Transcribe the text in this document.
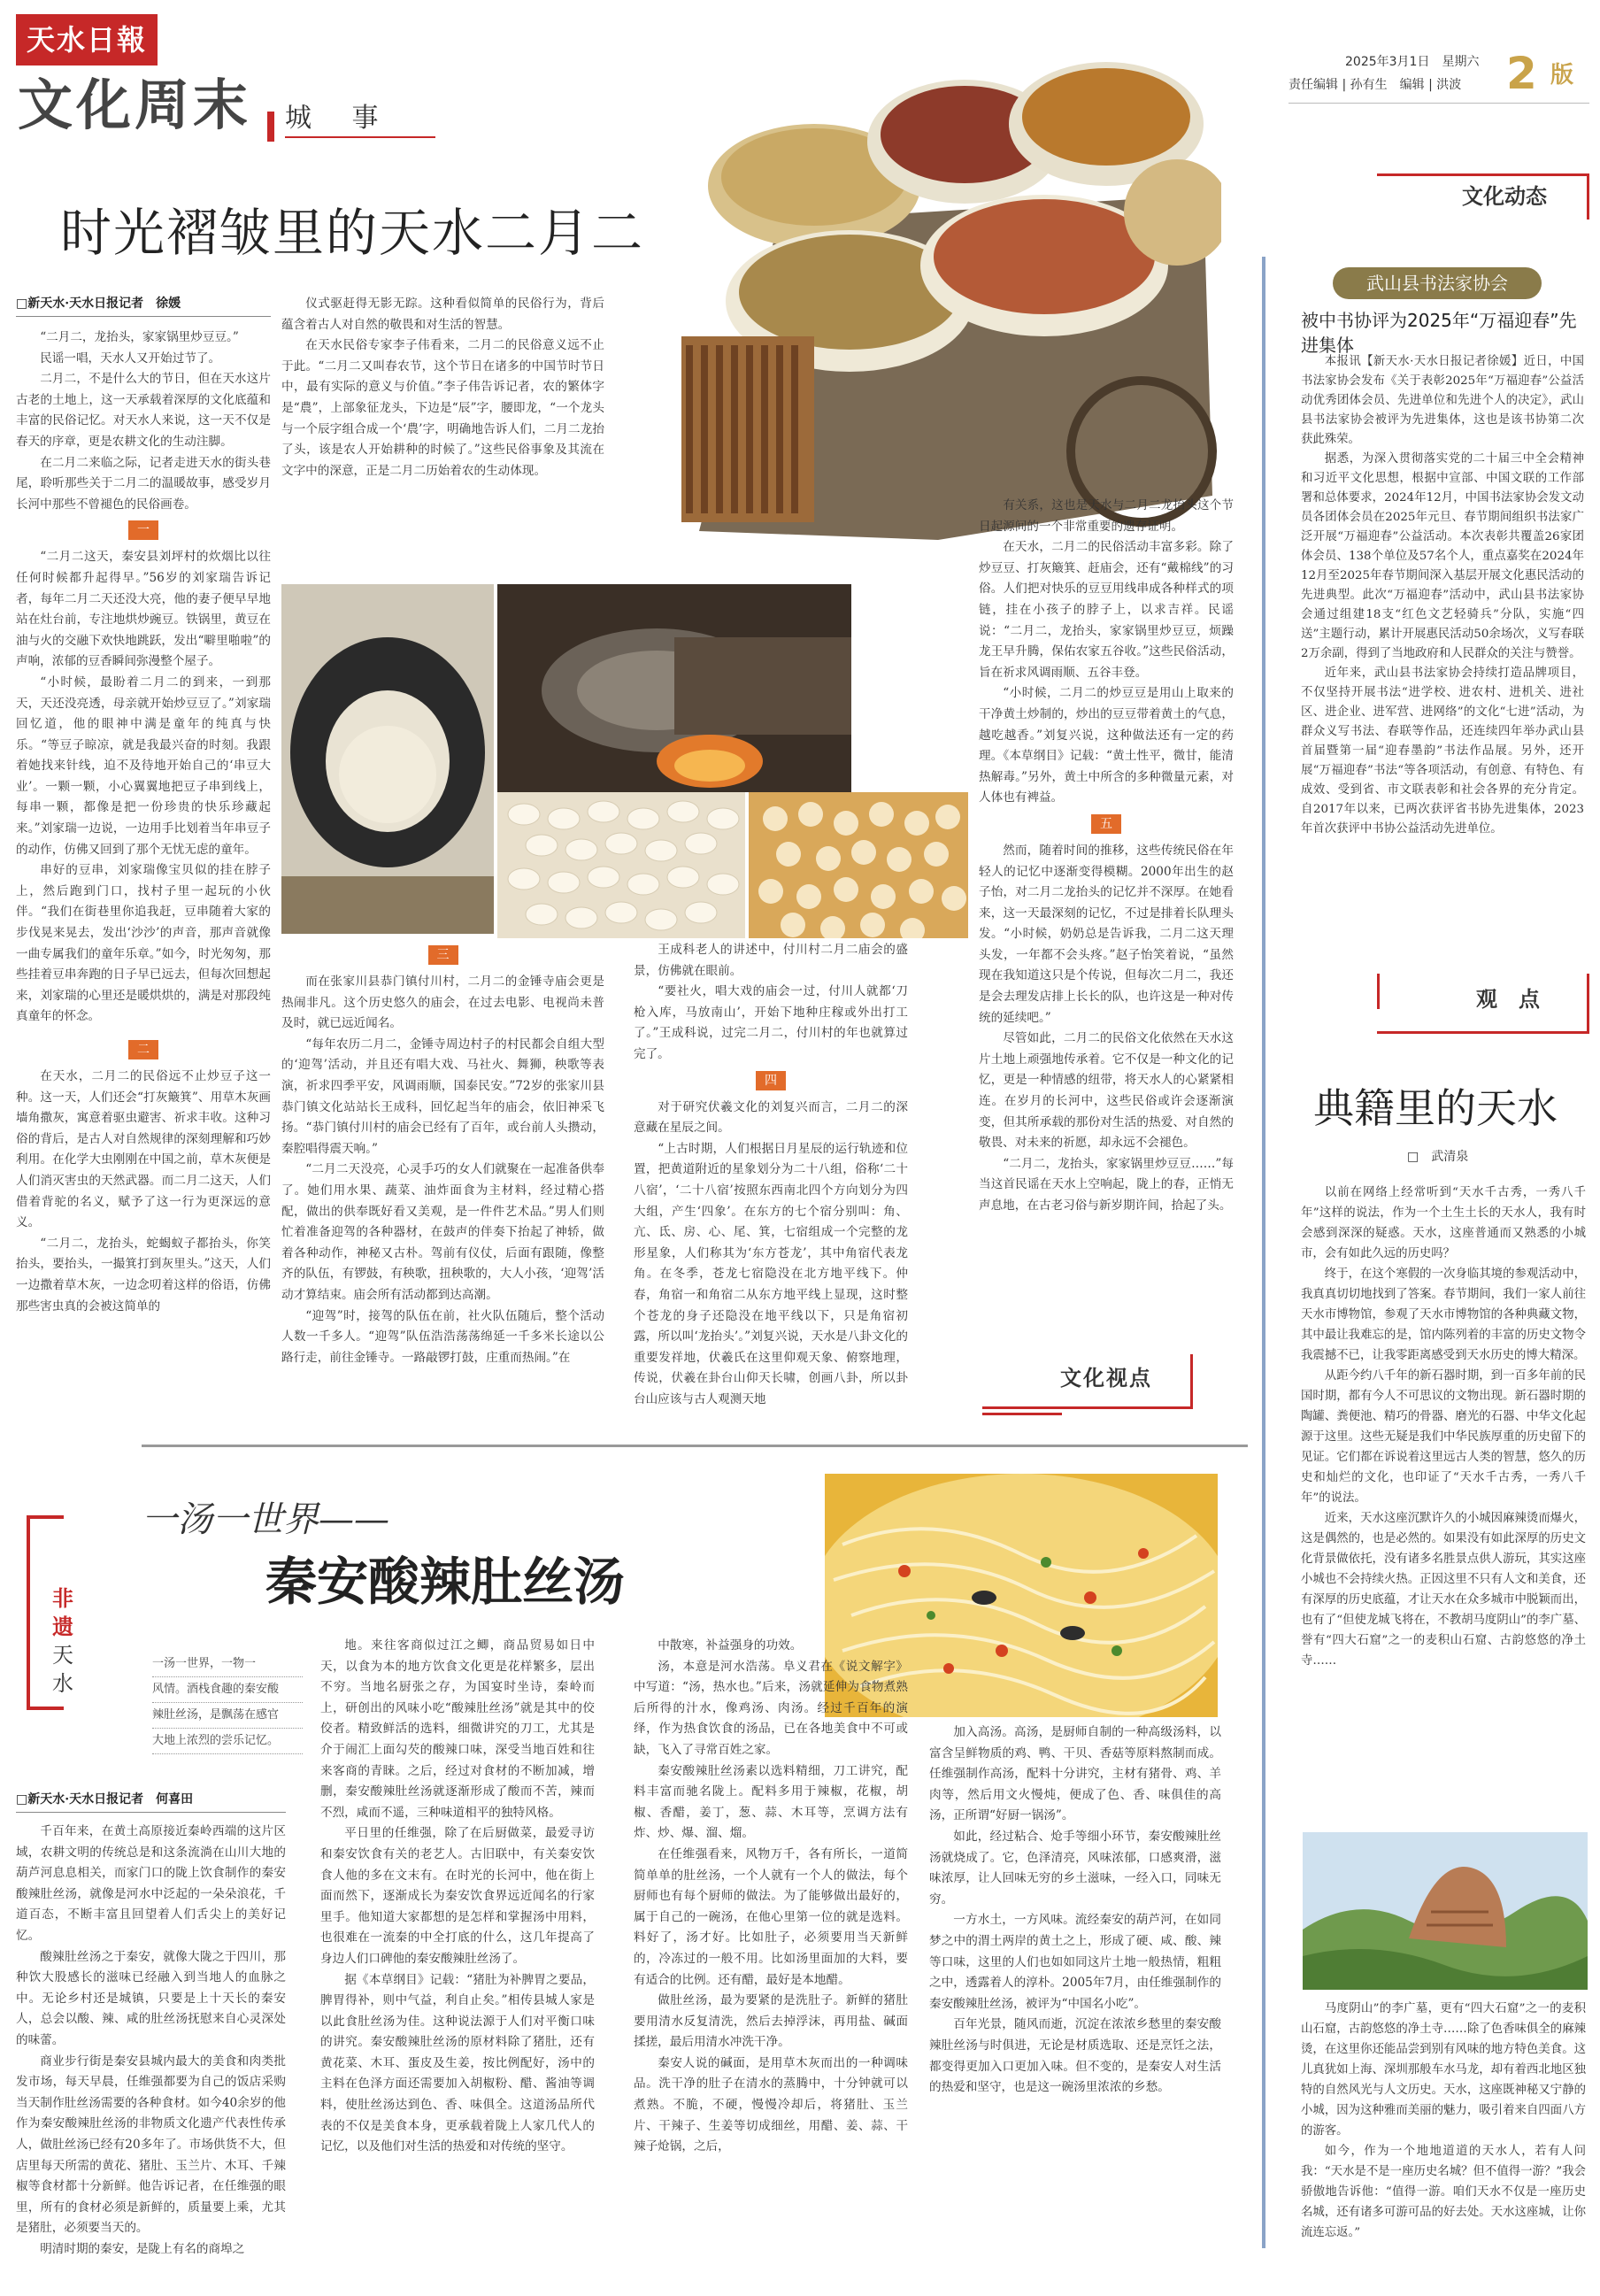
天水日報
文化周末 城 事
2025年3月1日　星期六
责任编辑 | 孙有生　编辑 | 洪波 2 版
时光褶皱里的天水二月二
□新天水·天水日报记者　徐媛

“二月二，龙抬头，家家锅里炒豆豆。”

民谣一唱，天水人又开始过节了。

二月二，不是什么大的节日，但在天水这片古老的土地上，这一天承载着深厚的文化底蕴和丰富的民俗记忆。对天水人来说，这一天不仅是春天的序章，更是农耕文化的生动注脚。

在二月二来临之际，记者走进天水的街头巷尾，聆听那些关于二月二的温暖故事，感受岁月长河中那些不曾褪色的民俗画卷。

一

“二月二这天，秦安县刘坪村的炊烟比以往任何时候都升起得早。”56岁的刘家瑞告诉记者，每年二月二天还没大亮，他的妻子便早早地站在灶台前，专注地烘炒豌豆。铁锅里，黄豆在油与火的交融下欢快地跳跃，发出“噼里啪啦”的声响，浓郁的豆香瞬间弥漫整个屋子。

“小时候，最盼着二月二的到来，一到那天，天还没亮透，母亲就开始炒豆豆了。”刘家瑞回忆道，他的眼神中满是童年的纯真与快乐。“等豆子晾凉，就是我最兴奋的时刻。我跟着她找来针线，迫不及待地开始自己的‘串豆大业’。一颗一颗，小心翼翼地把豆子串到线上，每串一颗，都像是把一份珍贵的快乐珍藏起来。”刘家瑞一边说，一边用手比划着当年串豆子的动作，仿佛又回到了那个无忧无虑的童年。

串好的豆串，刘家瑞像宝贝似的挂在脖子上，然后跑到门口，找村子里一起玩的小伙伴。“我们在街巷里你追我赶，豆串随着大家的步伐晃来晃去，发出‘沙沙’的声音，那声音就像一曲专属我们的童年乐章。”如今，时光匆匆，那些挂着豆串奔跑的日子早已远去，但每次回想起来，刘家瑞的心里还是暖烘烘的，满是对那段纯真童年的怀念。

二

在天水，二月二的民俗远不止炒豆子这一种。这一天，人们还会“打灰簸箕”、用草木灰画墙角撒灰，寓意着驱虫避害、祈求丰收。这种习俗的背后，是古人对自然规律的深刻理解和巧妙利用。在化学大虫刚刚在中国之前，草木灰便是人们消灭害虫的天然武器。而二月二这天，人们借着背驼的名义，赋予了这一行为更深远的意义。

“二月二，龙抬头，蛇蝎蚁子都抬头，你笑抬头，要抬头，一撮箕打到灰里头。”这天，人们一边撒着草木灰，一边念叨着这样的俗语，仿佛那些害虫真的会被这简单的

仪式驱赶得无影无踪。这种看似简单的民俗行为，背后蕴含着古人对自然的敬畏和对生活的智慧。

在天水民俗专家李子伟看来，二月二的民俗意义远不止于此。“二月二又叫春农节，这个节日在诸多的中国节时节日中，最有实际的意义与价值。”李子伟告诉记者，农的繁体字是“農”，上部象征龙头，下边是“辰”字，腰即龙，“一个龙头与一个辰字组合成一个‘農’字，明确地告诉人们，二月二龙抬了头，该是农人开始耕种的时候了。”这些民俗事象及其流在文字中的深意，正是二月二历始着农的生动体现。

三

而在张家川县恭门镇付川村，二月二的金锤寺庙会更是热闹非凡。这个历史悠久的庙会，在过去电影、电视尚未普及时，就已远近闻名。

“每年农历二月二，金锤寺周边村子的村民都会自组大型的‘迎驾’活动，并且还有唱大戏、马社火、舞狮，秧歌等表演，祈求四季平安，风调雨顺，国泰民安。”72岁的张家川县恭门镇文化站站长王成科，回忆起当年的庙会，依旧神采飞扬。“恭门镇付川村的庙会已经有了百年，或台前人头攒动，秦腔唱得震天响。”

“二月二天没亮，心灵手巧的女人们就聚在一起准备供奉了。她们用水果、蔬菜、油炸面食为主材料，经过精心搭配，做出的供奉既好看又美观，是一件件艺术品。”男人们则忙着准备迎驾的各种器材，在鼓声的伴奏下抬起了神轿，做着各种动作，神秘又古朴。驾前有仪仗，后面有跟随，像整齐的队伍，有锣鼓，有秧歌，扭秧歌的，大人小孩，‘迎驾’活动才算结束。庙会所有活动都到达高潮。

“迎驾”时，接驾的队伍在前，社火队伍随后，整个活动人数一千多人。“迎驾”队伍浩浩荡荡绵延一千多米长途以公路行走，前往金锤寺。一路敲锣打鼓，庄重而热闹。”在

王成科老人的讲述中，付川村二月二庙会的盛景，仿佛就在眼前。

“要社火，唱大戏的庙会一过，付川人就都‘刀枪入库，马放南山’，开始下地种庄稼或外出打工了。”王成科说，过完二月二，付川村的年也就算过完了。

四

对于研究伏羲文化的刘复兴而言，二月二的深意藏在星辰之间。

“上古时期，人们根据日月星辰的运行轨迹和位置，把黄道附近的星象划分为二十八组，俗称‘二十八宿’，‘二十八宿’按照东西南北四个方向划分为四大组，产生‘四象’。在东方的七个宿分别叫：角、亢、氐、房、心、尾、箕，七宿组成一个完整的龙形星象，人们称其为‘东方苍龙’，其中角宿代表龙角。在冬季，苍龙七宿隐没在北方地平线下。仲春，角宿一和角宿二从东方地平线上显现，这时整个苍龙的身子还隐没在地平线以下，只是角宿初露，所以叫‘龙抬头’。”刘复兴说，天水是八卦文化的重要发祥地，伏羲氏在这里仰观天象、俯察地理，传说，伏羲在卦台山仰天长啸，创画八卦，所以卦台山应该与古人观测天地

有关系，这也是天水与二月二龙抬头这个节日起源间的一个非常重要的遗存证明。

在天水，二月二的民俗活动丰富多彩。除了炒豆豆、打灰簸箕、赶庙会，还有“戴棉线”的习俗。人们把对快乐的豆豆用线串成各种样式的项链，挂在小孩子的脖子上，以求吉祥。民谣说：“二月二，龙抬头，家家锅里炒豆豆，烦躁龙王早升腾，保佑农家五谷收。”这些民俗活动，旨在祈求风调雨顺、五谷丰登。

“小时候，二月二的炒豆豆是用山上取来的干净黄土炒制的，炒出的豆豆带着黄土的气息，越吃越香。”刘复兴说，这种做法还有一定的药理。《本草纲目》记载：“黄土性平，微甘，能清热解毒。”另外，黄土中所含的多种微量元素，对人体也有裨益。

五

然而，随着时间的推移，这些传统民俗在年轻人的记忆中逐渐变得模糊。2000年出生的赵子怡，对二月二龙抬头的记忆并不深厚。在她看来，这一天最深刻的记忆，不过是排着长队理头发。“小时候，奶奶总是告诉我，二月二这天理头发，一年都不会头疼。”赵子怡笑着说，“虽然现在我知道这只是个传说，但每次二月二，我还是会去理发店排上长长的队，也许这是一种对传统的延续吧。”

尽管如此，二月二的民俗文化依然在天水这片土地上顽强地传承着。它不仅是一种文化的记忆，更是一种情感的纽带，将天水人的心紧紧相连。在岁月的长河中，这些民俗或许会逐渐演变，但其所承载的那份对生活的热爱、对自然的敬畏、对未来的祈愿，却永远不会褪色。

“二月二，龙抬头，家家锅里炒豆豆……”每当这首民谣在天水上空响起，陇上的春，正悄无声息地，在古老习俗与新岁期许间，拾起了头。

文化视点
非
遗
天
水
一汤一世界——
秦安酸辣肚丝汤
一汤一世界，一物一
风情。酒栈食趣的秦安酸
辣肚丝汤，是飘荡在感官
大地上浓烈的尝乐记忆。
□新天水·天水日报记者　何喜田

千百年来，在黄土高原接近秦岭西端的这片区域，农耕文明的传统总是和这条流淌在山川大地的葫芦河息息相关，而家门口的陇上饮食制作的秦安酸辣肚丝汤，就像是河水中泛起的一朵朵浪花，千道百态，不断丰富且回望着人们舌尖上的美好记忆。

酸辣肚丝汤之于秦安，就像大陇之于四川，那种饮大股感长的滋味已经融入到当地人的血脉之中。无论乡村还是城镇，只要是上十天长的秦安人，总会以酸、辣、咸的肚丝汤抚慰来自心灵深处的味蕾。

商业步行街是秦安县城内最大的美食和肉类批发市场，每天早晨，任维强都要为自己的饭店采购当天制作肚丝汤需要的各种食材。如今40余岁的他作为秦安酸辣肚丝汤的非物质文化遗产代表性传承人，做肚丝汤已经有20多年了。市场供货不大，但店里每天所需的黄花、猪肚、玉兰片、木耳、千辣椒等食材都十分新鲜。他告诉记者，在任维强的眼里，所有的食材必须是新鲜的，质量要上乘，尤其是猪肚，必须要当天的。

明清时期的秦安，是陇上有名的商埠之

地。来往客商似过江之鲫，商品贸易如日中天，以食为本的地方饮食文化更是花样繁多，层出不穷。当地名厨张之存，为国宴时坐诗，秦岭而上，研创出的风味小吃“酸辣肚丝汤”就是其中的佼佼者。精致鲜活的选料，细微讲究的刀工，尤其是介于闹汇上面勾芡的酸辣口味，深受当地百姓和往来客商的青睐。之后，经过对食材的不断加减，增删，秦安酸辣肚丝汤就逐渐形成了酸而不苦，辣而不烈，咸而不遥，三种味道相平的独特风格。

平日里的任维强，除了在后厨做菜，最爱寻访和秦安饮食有关的老艺人。古旧联中，有关秦安饮食人他的多在文末有。在时光的长河中，他在街上面而然下，逐渐成长为秦安饮食界远近闻名的行家里手。他知道大家都想的是怎样和掌握汤中用料，也很难在一流秦的中全打底的什么，这几年提高了身边人们口碑他的秦安酸辣肚丝汤了。

据《本草纲目》记载：“猪肚为补脾胃之要品，脾胃得补，则中气益，利自止矣。”相传县城人家是以此食肚丝汤为佳。这种说法源于人们对平衡口味的讲究。秦安酸辣肚丝汤的原材料除了猪肚，还有黄花菜、木耳、蛋皮及生姜，按比例配好，汤中的主料在色泽方面还需要加入胡椒粉、醋、酱油等调料，使肚丝汤达到色、香、味俱全。这道汤品所代表的不仅是美食本身，更承载着陇上人家几代人的记忆，以及他们对生活的热爱和对传统的坚守。

中散寒，补益强身的功效。

汤，本意是河水浩荡。阜义君在《说文解字》中写道：“汤，热水也。”后来，汤就延伸为食物煮熟后所得的汁水，像鸡汤、肉汤。经过千百年的演绎，作为热食饮食的汤品，已在各地美食中不可或缺，飞入了寻常百姓之家。

秦安酸辣肚丝汤素以选料精细，刀工讲究，配料丰富而驰名陇上。配料多用于辣椒，花椒，胡椒、香醋，姜丁，葱、蒜、木耳等，烹调方法有炸、炒、爆、溜、熘。

在任维强看来，风物万千，各有所长，一道简简单单的肚丝汤，一个人就有一个人的做法，每个厨师也有每个厨师的做法。为了能够做出最好的，属于自己的一碗汤，在他心里第一位的就是选料。料好了，汤才好。比如肚子，必须要用当天新鲜的，冷冻过的一般不用。比如汤里面加的大料，要有适合的比例。还有醋，最好是本地醋。

做肚丝汤，最为要紧的是洗肚子。新鲜的猪肚要用清水反复清洗，然后去掉浮沫，再用盐、碱面揉搓，最后用清水冲洗干净。

秦安人说的碱面，是用草木灰而出的一种调味品。洗干净的肚子在清水的蒸腾中，十分钟就可以煮熟。不脆，不硬，慢慢冷却后，将猪肚、玉兰片、干辣子、生姜等切成细丝，用醋、姜、蒜、干辣子炝锅，之后，

加入高汤。高汤，是厨师自制的一种高级汤料，以富含呈鲜物质的鸡、鸭、干贝、香菇等原料熬制而成。任维强制作高汤，配料十分讲究，主材有猪骨、鸡、羊肉等，然后用文火慢炖，便成了色、香、味俱佳的高汤，正所谓“好厨一锅汤”。

如此，经过粘合、炝手等细小环节，秦安酸辣肚丝汤就烧成了。它，色泽清亮，风味浓郁，口感爽滑，滋味浓厚，让人回味无穷的乡土滋味，一经入口，同味无穷。

一方水土，一方风味。流经秦安的葫芦河，在如同梦之中的渭土两岸的黄土之上，形成了硬、咸、酸、辣等口味，这里的人们也如如同这片土地一般热情，粗粗之中，透露着人的淳朴。2005年7月，由任维强制作的秦安酸辣肚丝汤，被评为“中国名小吃”。

百年光景，随风而逝，沉淀在浓浓乡愁里的秦安酸辣肚丝汤与时俱进，无论是材质选取、还是烹饪之法，都变得更加入口更加入味。但不变的，是秦安人对生活的热爱和坚守，也是这一碗汤里浓浓的乡愁。

文化动态
武山县书法家协会
被中书协评为2025年“万福迎春”先进集体

本报讯【新天水·天水日报记者徐媛】近日，中国书法家协会发布《关于表彰2025年“万福迎春”公益活动优秀团体会员、先进单位和先进个人的决定》，武山县书法家协会被评为先进集体，这也是该书协第二次获此殊荣。

据悉，为深入贯彻落实党的二十届三中全会精神和习近平文化思想，根据中宣部、中国文联的工作部署和总体要求，2024年12月，中国书法家协会发文动员各团体会员在2025年元旦、春节期间组织书法家广泛开展“万福迎春”公益活动。本次表彰共覆盖26家团体会员、138个单位及57名个人，重点嘉奖在2024年12月至2025年春节期间深入基层开展文化惠民活动的先进典型。此次“万福迎春”活动中，武山县书法家协会通过组建18支“红色文艺轻骑兵”分队，实施“四送”主题行动，累计开展惠民活动50余场次，义写春联2万余副，得到了当地政府和人民群众的关注与赞誉。

近年来，武山县书法家协会持续打造品牌项目，不仅坚持开展书法“进学校、进农村、进机关、进社区、进企业、进军营、进网络”的文化“七进”活动，为群众义写书法、春联等作品，还连续四年举办武山县首届暨第一届“迎春墨韵”书法作品展。另外，还开展“万福迎春”书法“等各项活动，有创意、有特色、有成效、受到省、市文联表彰和社会各界的充分肯定。自2017年以来，已两次获评省书协先进集体，2023年首次获评中书协公益活动先进单位。

观　点
典籍里的天水
□　武清泉

以前在网络上经常听到“天水千古秀，一秀八千年”这样的说法，作为一个土生土长的天水人，我有时会感到深深的疑惑。天水，这座普通而又熟悉的小城市，会有如此久远的历史吗？

终于，在这个寒假的一次身临其境的参观活动中，我真真切切地找到了答案。春节期间，我们一家人前往天水市博物馆，参观了天水市博物馆的各种典藏文物，其中最让我难忘的是，馆内陈列着的丰富的历史文物令我震撼不已，让我零距离感受到天水历史的博大精深。

从距今约八千年的新石器时期，到一百多年前的民国时期，都有今人不可思议的文物出现。新石器时期的陶罐、粪便池、精巧的骨器、磨光的石器、中华文化起源于这里。这些无疑是我们中华民族厚重的历史留下的见证。它们都在诉说着这里远古人类的智慧，悠久的历史和灿烂的文化，也印证了“天水千古秀，一秀八千年”的说法。

近来，天水这座沉默许久的小城因麻辣烫而爆火，这是偶然的，也是必然的。如果没有如此深厚的历史文化背景做依托，没有诸多名胜景点供人游玩，其实这座小城也不会持续火热。正因这里不只有人文和美食，还有深厚的历史底蕴，才让天水在众多城市中脱颖而出，也有了“但使龙城飞将在，不教胡马度阴山”的李广墓、誉有“四大石窟”之一的麦积山石窟、古韵悠悠的净土寺……

马度阴山”的李广墓，更有“四大石窟”之一的麦积山石窟，古韵悠悠的净土寺……除了色香味俱全的麻辣烫，在这里你还能品尝到别有风味的地方特色美食。这儿真犹如上海、深圳那般车水马龙，却有着西北地区独特的自然风光与人文历史。天水，这座既神秘又宁静的小城，因为这种雅而美丽的魅力，吸引着来自四面八方的游客。

如今，作为一个地地道道的天水人，若有人问我：“天水是不是一座历史名城？但不值得一游？”我会骄傲地告诉他：“值得一游。咱们天水不仅是一座历史名城，还有诸多可游可品的好去处。天水这座城，让你流连忘返。”
